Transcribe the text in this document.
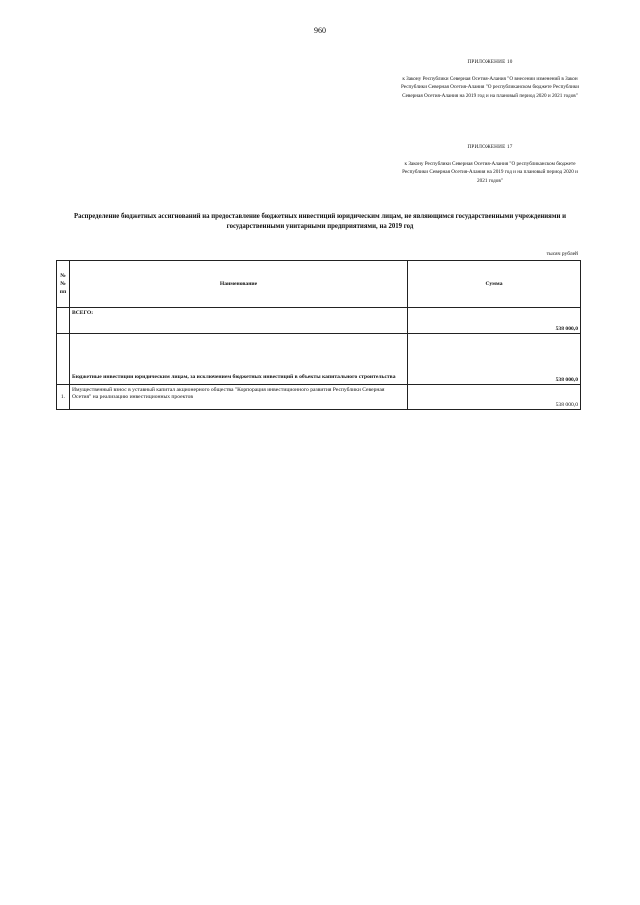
960
ПРИЛОЖЕНИЕ 10
к Закону Республики Северная Осетия-Алания "О внесении изменений в Закон Республики Северная Осетия-Алания "О республиканском бюджете Республики Северная Осетия-Алания на 2019 год и на плановый период 2020 и 2021 годов"
ПРИЛОЖЕНИЕ 17
к Закону Республики Северная Осетия-Алания "О республиканском бюджете Республики Северная Осетия-Алания на 2019 год и на плановый период 2020 и 2021 годов"
Распределение бюджетных ассигнований на предоставление бюджетных инвестиций юридическим лицам, не являющимся государственными учреждениями и государственными унитарными предприятиями, на 2019 год
тысяч рублей
№ № пп	Наименование	Сумма
	ВСЕГО:	538 000,0
	Бюджетные инвестиции юридическим лицам, за исключением бюджетных инвестиций в объекты капитального строительства	538 000,0
1.	Имущественный взнос в уставный капитал акционерного общества "Корпорация инвестиционного развития Республики Северная Осетия" на реализацию инвестиционных проектов	538 000,0
